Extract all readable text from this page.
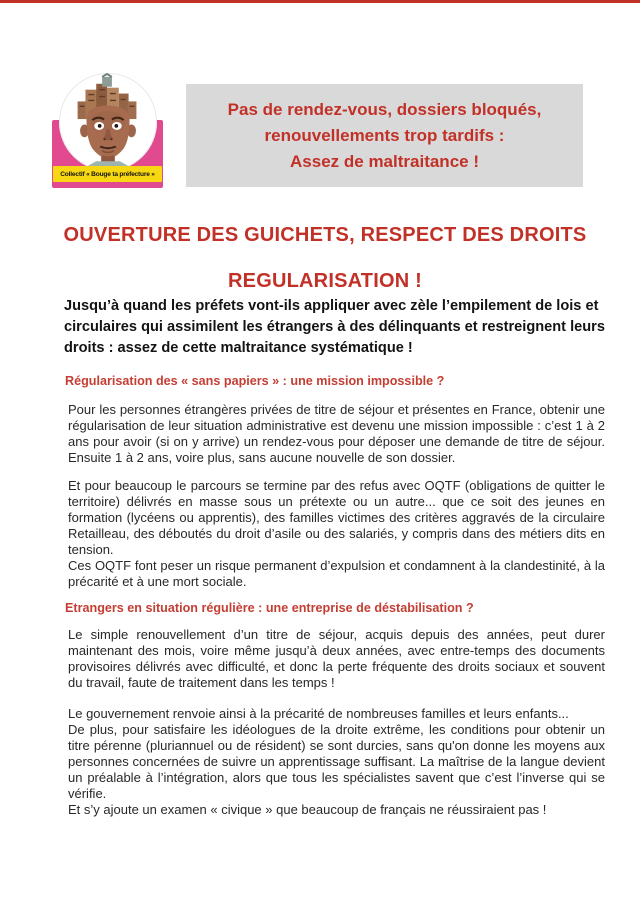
Collectif « Bouge ta préfecture »
Pas de rendez-vous, dossiers bloqués,
renouvellements trop tardifs :
Assez de maltraitance !
OUVERTURE DES GUICHETS, RESPECT DES DROITS
REGULARISATION !

Jusqu’à quand les préfets vont-ils appliquer avec zèle l’empilement de lois et circulaires qui assimilent les étrangers à des délinquants et restreignent leurs droits : assez de cette maltraitance systématique !

Régularisation des « sans papiers » : une mission impossible ?

Pour les personnes étrangères privées de titre de séjour et présentes en France, obtenir une régularisation de leur situation administrative est devenu une mission impossible : c’est 1 à 2 ans pour avoir (si on y arrive) un rendez-vous pour déposer une demande de titre de séjour. Ensuite 1 à 2 ans, voire plus, sans aucune nouvelle de son dossier.

Et pour beaucoup le parcours se termine par des refus avec OQTF (obligations de quitter le territoire) délivrés en masse sous un prétexte ou un autre... que ce soit des jeunes en formation (lycéens ou apprentis), des familles victimes des critères aggravés de la circulaire Retailleau, des déboutés du droit d’asile ou des salariés, y compris dans des métiers dits en tension.

Ces OQTF font peser un risque permanent d’expulsion et condamnent à la clandestinité, à la précarité et à une mort sociale.

Etrangers en situation régulière : une entreprise de déstabilisation ?

Le simple renouvellement d’un titre de séjour, acquis depuis des années, peut durer maintenant des mois, voire même jusqu’à deux années, avec entre-temps des documents provisoires délivrés avec difficulté, et donc la perte fréquente des droits sociaux et souvent du travail, faute de traitement dans les temps !

Le gouvernement renvoie ainsi à la précarité de nombreuses familles et leurs enfants...

De plus, pour satisfaire les idéologues de la droite extrême, les conditions pour obtenir un titre pérenne (pluriannuel ou de résident) se sont durcies, sans qu'on donne les moyens aux personnes concernées de suivre un apprentissage suffisant. La maîtrise de la langue devient un préalable à l’intégration, alors que tous les spécialistes savent que c’est l’inverse qui se vérifie.

Et s’y ajoute un examen « civique » que beaucoup de français ne réussiraient pas !
